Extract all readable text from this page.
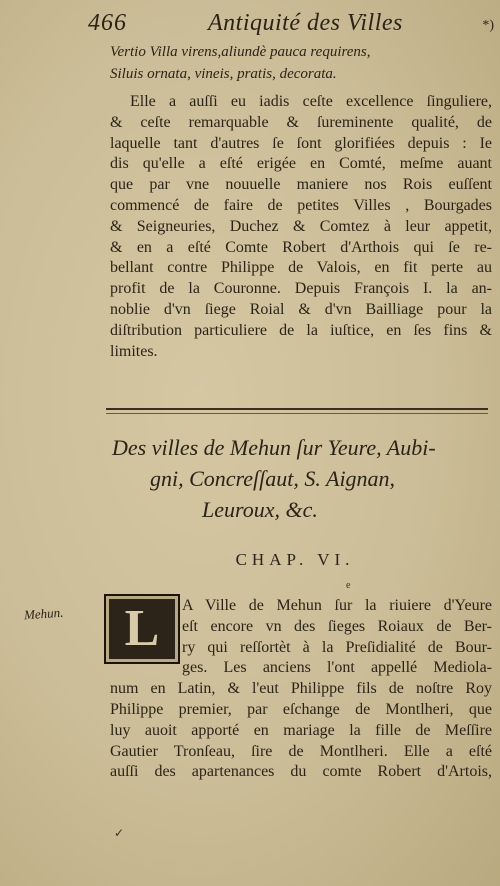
466	Antiquité des Villes	*)
Vertio Villa virens,aliundè pauca requirens,
Siluis ornata, vineis, pratis, decorata.
Elle a auſſi eu iadis ceſte excellence ſinguliere,
& ceſte remarquable & ſureminente qualité, de
laquelle tant d'autres ſe ſont glorifiées depuis : Ie
dis qu'elle a eſté erigée en Comté, meſme auant
que par vne nouuelle maniere nos Rois euſſent
commencé de faire de petites Villes , Bourgades
& Seigneuries, Duchez & Comtez à leur appetit,
& en a eſté Comte Robert d'Arthois qui ſe re-
bellant contre Philippe de Valois, en fit perte au
profit de la Couronne. Depuis François I. la an-
noblie d'vn ſiege Roial & d'vn Bailliage pour la
diſtribution particuliere de la iuſtice, en ſes fins &
limites.
Des villes de Mehun ſur Yeure, Aubi-
gni, Concreſſaut, S. Aignan,
Leuroux, &c.
CHAP. VI.
Mehun.	L	A Ville de Mehun ſur la riuiere d'Yeure
eſt encore vn des ſieges Roiaux de Ber-
ry qui reſſortèt à la Preſidialité de Bour-
ges. Les anciens l'ont appellé Mediola-
num en Latin, & l'eut Philippe fils de noſtre Roy
Philippe premier, par eſchange de Montlheri, que
luy auoit apporté en mariage la fille de Meſſire
Gautier Tronſeau, ſire de Montlheri. Elle a eſté
auſſi des apartenances du comte Robert d'Artois,
✓
e
